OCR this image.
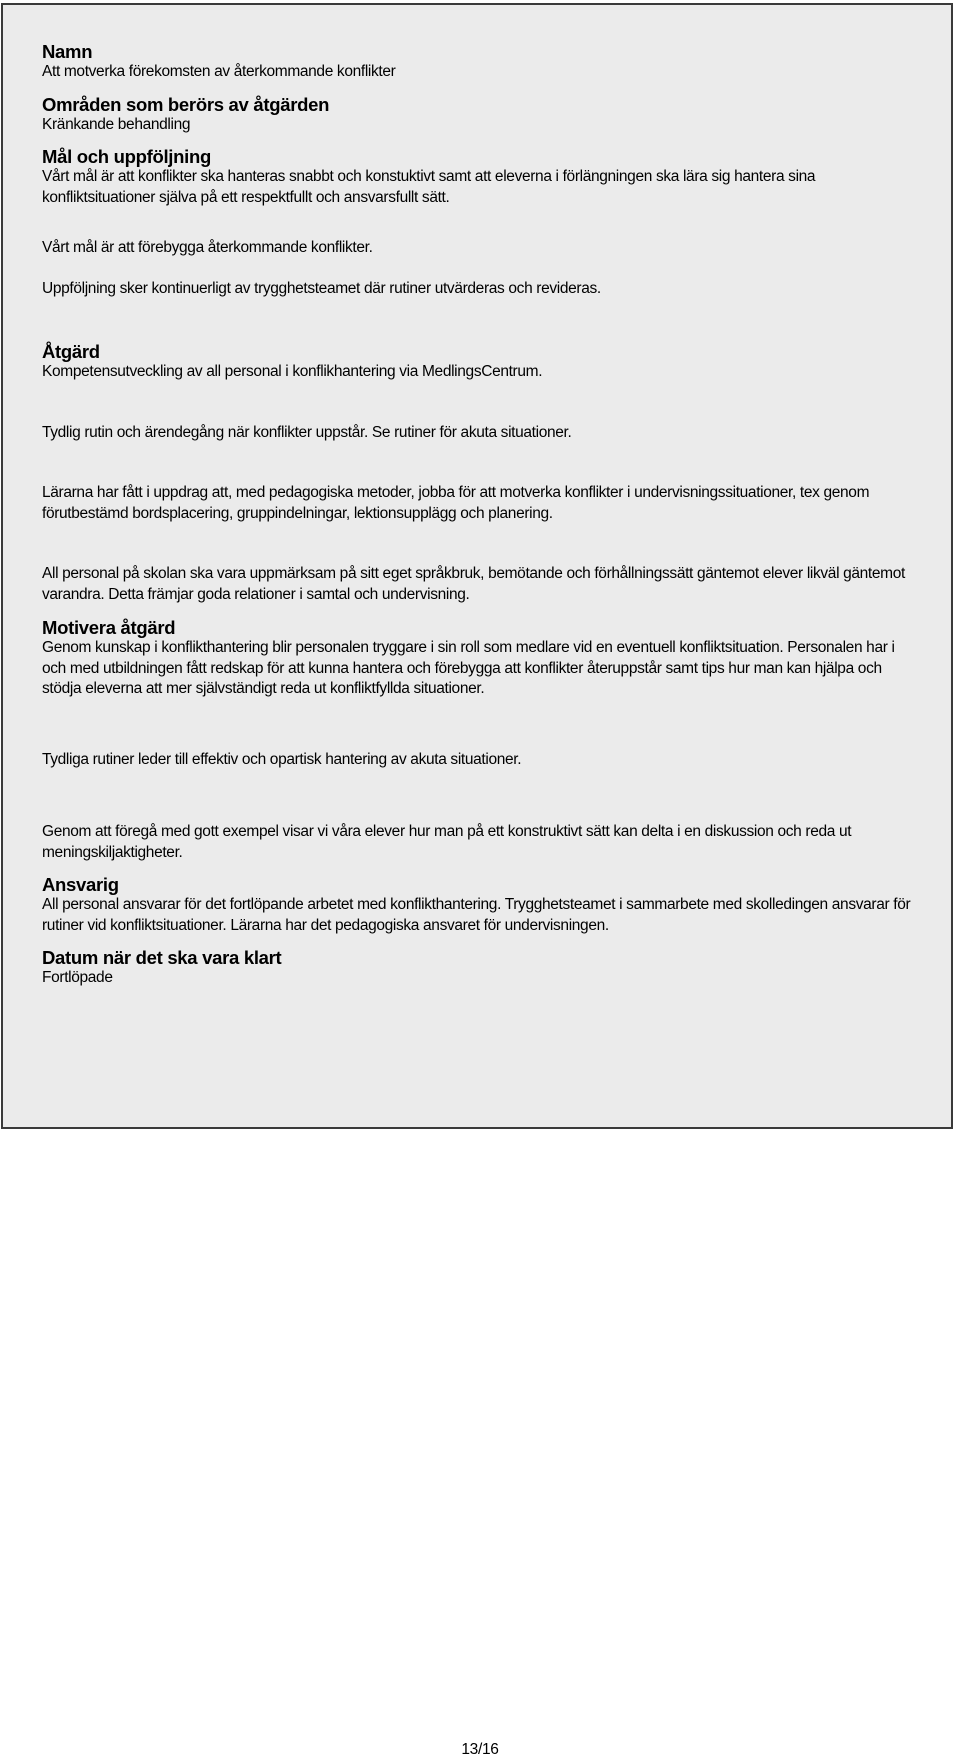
Namn
Att motverka förekomsten av återkommande konflikter
Områden som berörs av åtgärden
Kränkande behandling
Mål och uppföljning
Vårt mål är att konflikter ska hanteras snabbt och konstuktivt samt att eleverna i förlängningen ska lära sig hantera sina konfliktsituationer själva på ett respektfullt och ansvarsfullt sätt.
Vårt mål är att förebygga återkommande konflikter.
Uppföljning sker kontinuerligt av trygghetsteamet där rutiner utvärderas och revideras.
Åtgärd
Kompetensutveckling av all personal i konflikhantering via MedlingsCentrum.
Tydlig rutin och ärendegång när konflikter uppstår. Se rutiner för akuta situationer.
Lärarna har fått i uppdrag att, med pedagogiska metoder, jobba för att motverka konflikter i undervisningssituationer, tex genom förutbestämd bordsplacering, gruppindelningar, lektionsupplägg och planering.
All personal på skolan ska vara uppmärksam på sitt eget språkbruk, bemötande och förhållningssätt gäntemot elever likväl gäntemot varandra. Detta främjar goda relationer i samtal och undervisning.
Motivera åtgärd
Genom kunskap i konflikthantering blir personalen tryggare i sin roll som medlare vid en eventuell konfliktsituation. Personalen har i och med utbildningen fått redskap för att kunna hantera och förebygga att konflikter återuppstår samt tips hur man kan hjälpa och stödja eleverna att mer självständigt reda ut konfliktfyllda situationer.
Tydliga rutiner leder till effektiv och opartisk hantering av akuta situationer.
Genom att föregå med gott exempel visar vi våra elever hur man på ett konstruktivt sätt kan delta i en diskussion och reda ut meningskiljaktigheter.
Ansvarig
All personal ansvarar för det fortlöpande arbetet med konflikthantering. Trygghetsteamet i sammarbete med skolledingen ansvarar för rutiner vid konfliktsituationer. Lärarna har det pedagogiska ansvaret för undervisningen.
Datum när det ska vara klart
Fortlöpade
13/16
